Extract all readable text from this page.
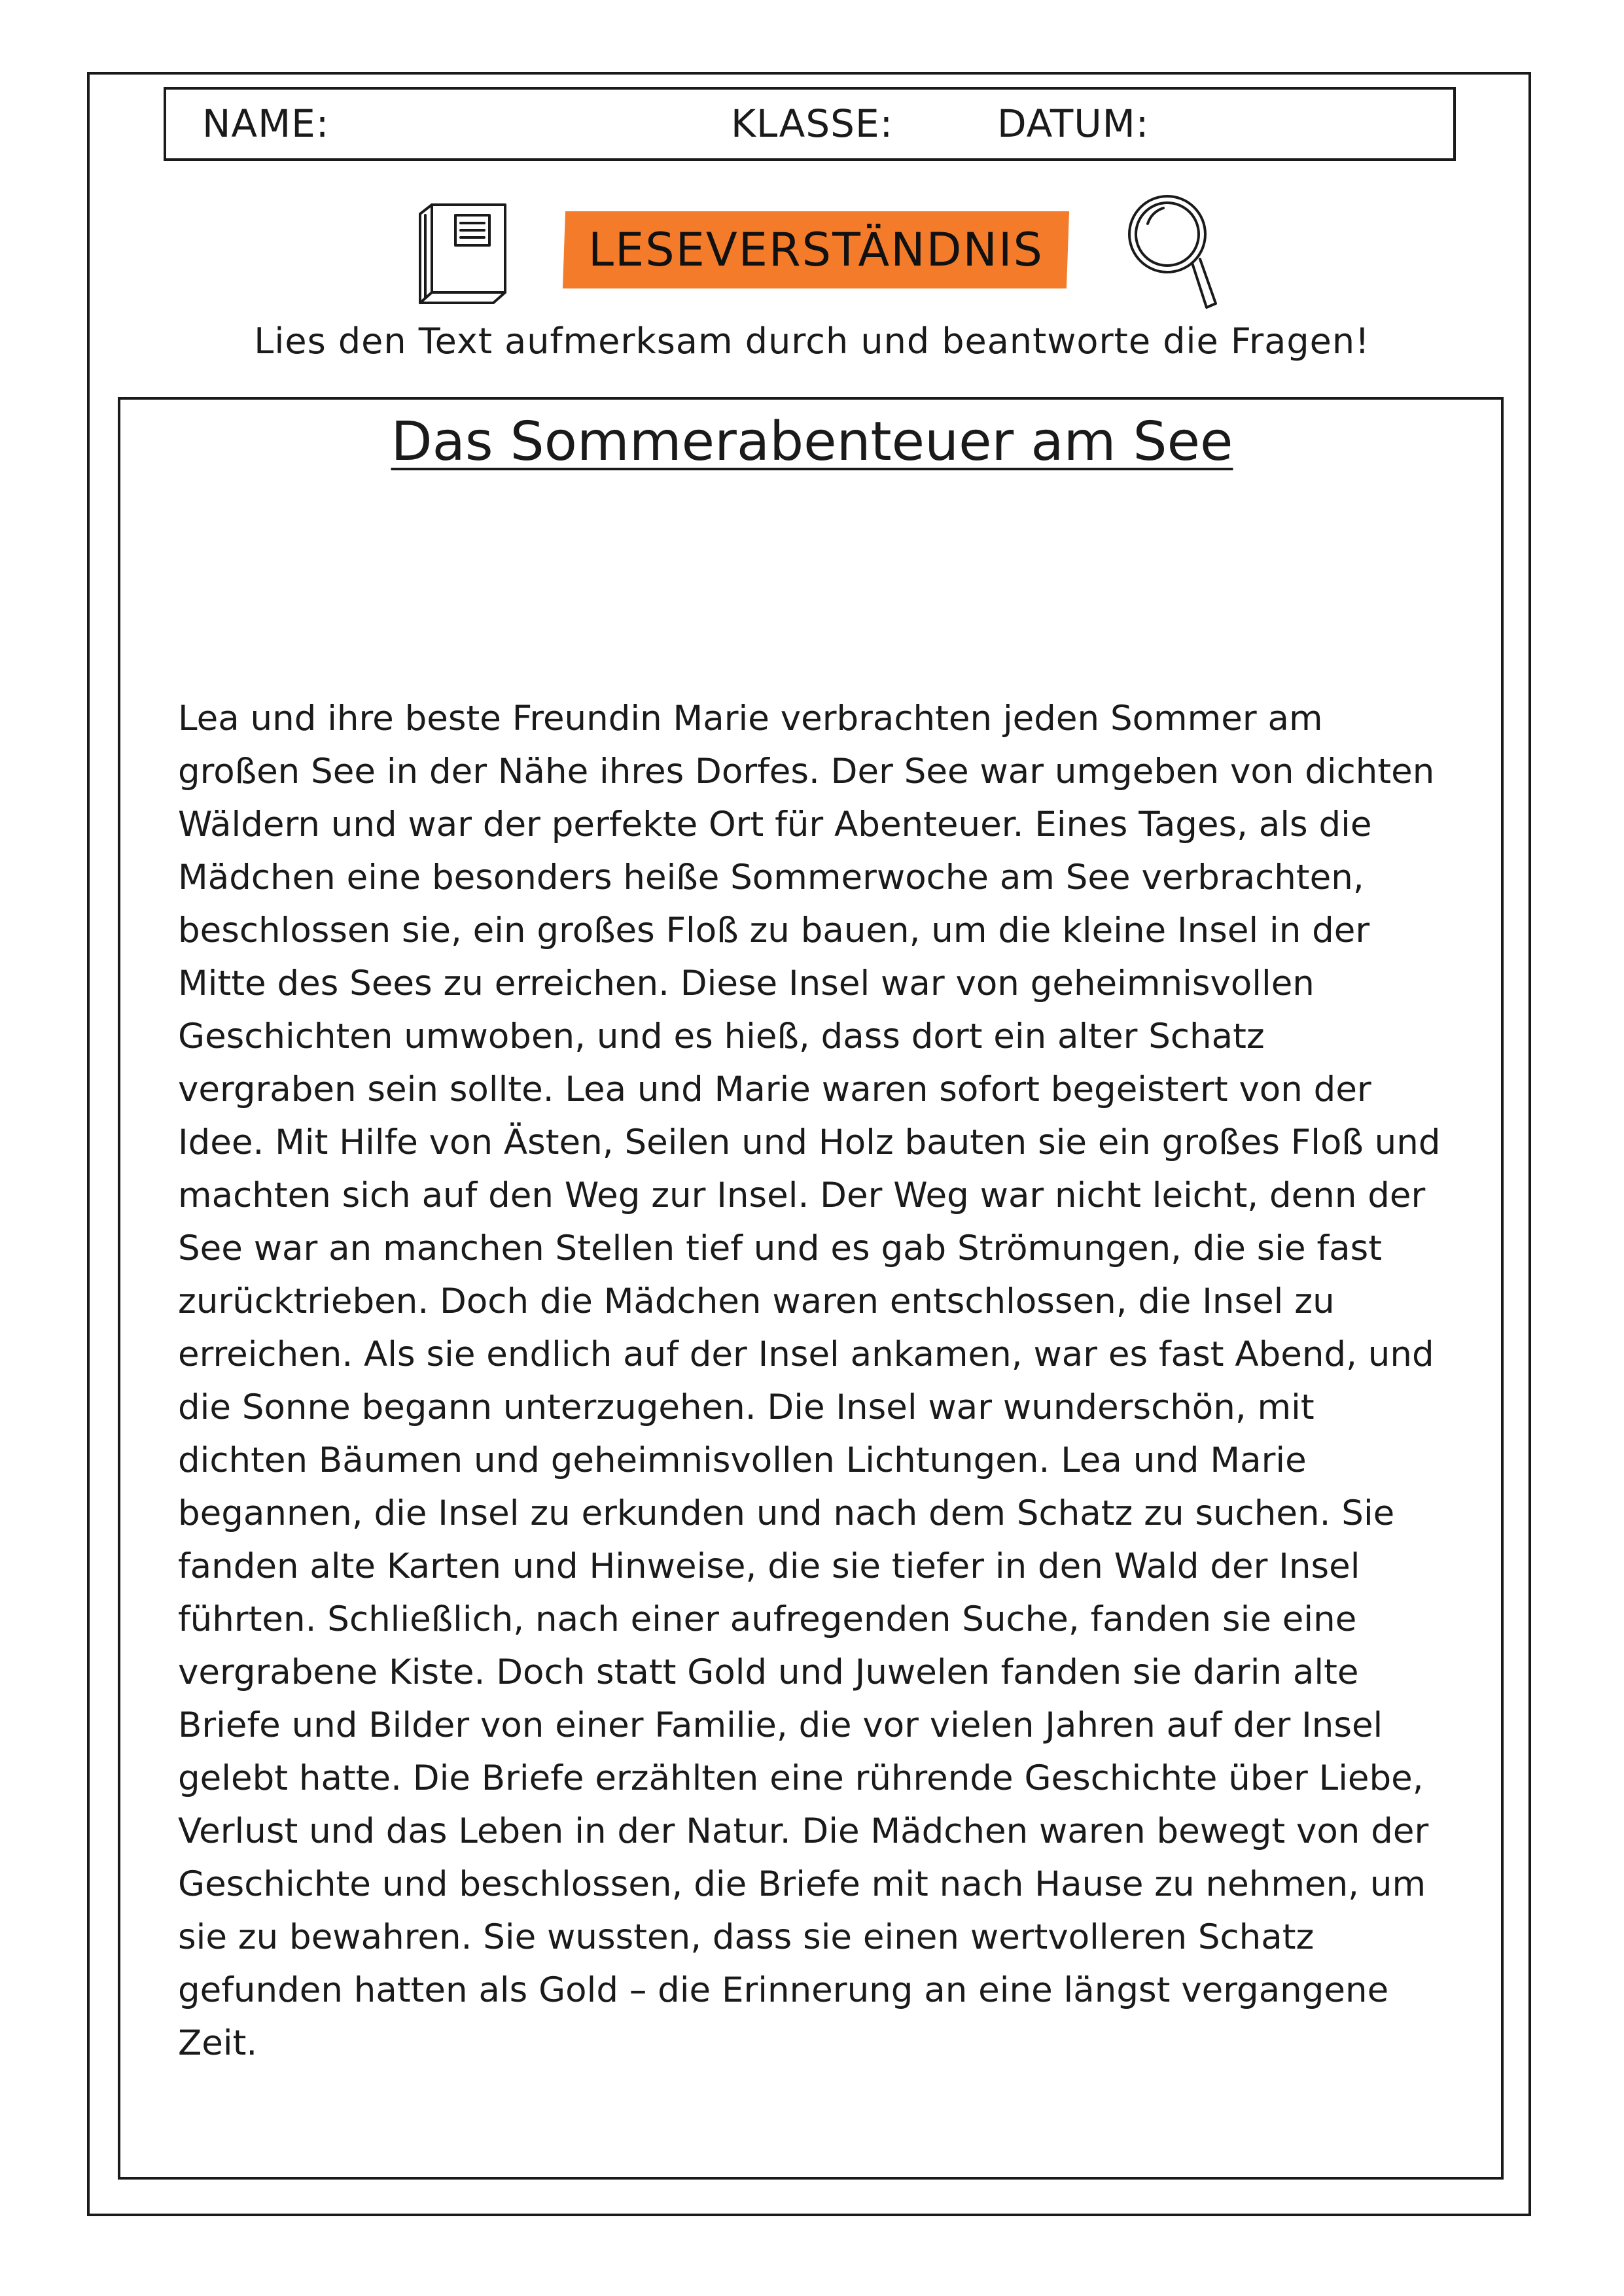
NAME:	KLASSE:	DATUM:
LESEVERSTÄNDNIS
Lies den Text aufmerksam durch und beantworte die Fragen!
Das Sommerabenteuer am See

Lea und ihre beste Freundin Marie verbrachten jeden Sommer am großen See in der Nähe ihres Dorfes. Der See war umgeben von dichten Wäldern und war der perfekte Ort für Abenteuer. Eines Tages, als die Mädchen eine besonders heiße Sommerwoche am See verbrachten, beschlossen sie, ein großes Floß zu bauen, um die kleine Insel in der Mitte des Sees zu erreichen. Diese Insel war von geheimnisvollen Geschichten umwoben, und es hieß, dass dort ein alter Schatz vergraben sein sollte. Lea und Marie waren sofort begeistert von der Idee. Mit Hilfe von Ästen, Seilen und Holz bauten sie ein großes Floß und machten sich auf den Weg zur Insel. Der Weg war nicht leicht, denn der See war an manchen Stellen tief und es gab Strömungen, die sie fast zurücktrieben. Doch die Mädchen waren entschlossen, die Insel zu erreichen. Als sie endlich auf der Insel ankamen, war es fast Abend, und die Sonne begann unterzugehen. Die Insel war wunderschön, mit dichten Bäumen und geheimnisvollen Lichtungen. Lea und Marie begannen, die Insel zu erkunden und nach dem Schatz zu suchen. Sie fanden alte Karten und Hinweise, die sie tiefer in den Wald der Insel führten. Schließlich, nach einer aufregenden Suche, fanden sie eine vergrabene Kiste. Doch statt Gold und Juwelen fanden sie darin alte Briefe und Bilder von einer Familie, die vor vielen Jahren auf der Insel gelebt hatte. Die Briefe erzählten eine rührende Geschichte über Liebe, Verlust und das Leben in der Natur. Die Mädchen waren bewegt von der Geschichte und beschlossen, die Briefe mit nach Hause zu nehmen, um sie zu bewahren. Sie wussten, dass sie einen wertvolleren Schatz gefunden hatten als Gold – die Erinnerung an eine längst vergangene Zeit.
